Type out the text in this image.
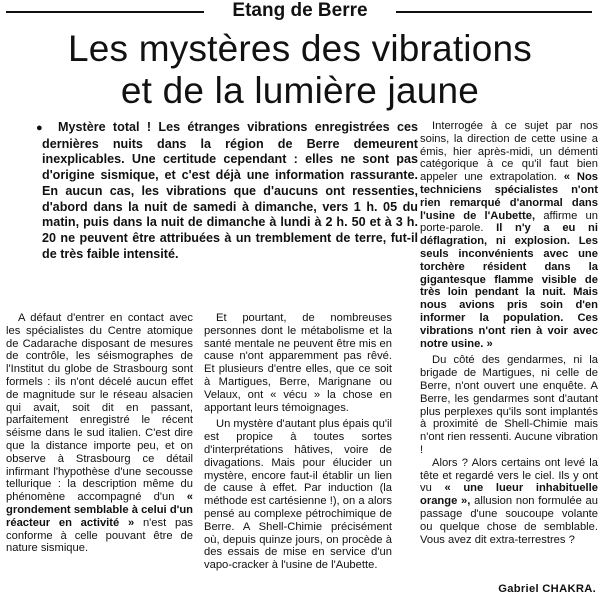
Etang de Berre
Les mystères des vibrations
et de la lumière jaune
● Mystère total ! Les étranges vibrations enregistrées ces dernières nuits dans la région de Berre demeurent inexplicables. Une certitude cependant : elles ne sont pas d'origine sismique, et c'est déjà une information rassurante. En aucun cas, les vibrations que d'aucuns ont ressenties, d'abord dans la nuit de samedi à dimanche, vers 1 h. 05 du matin, puis dans la nuit de dimanche à lundi à 2 h. 50 et à 3 h. 20 ne peuvent être attribuées à un tremblement de terre, fut-il de très faible intensité.

A défaut d'entrer en contact avec les spécialistes du Centre atomique de Cadarache disposant de mesures de contrôle, les séismographes de l'Institut du globe de Strasbourg sont formels : ils n'ont décelé aucun effet de magnitude sur le réseau alsacien qui avait, soit dit en passant, parfaitement enregistré le récent séisme dans le sud italien. C'est dire que la distance importe peu, et on observe à Strasbourg ce détail infirmant l'hypothèse d'une secousse tellurique : la description même du phénomène accompagné d'un « grondement semblable à celui d'un réacteur en activité » n'est pas conforme à celle pouvant être de nature sismique.

Et pourtant, de nombreuses personnes dont le métabolisme et la santé mentale ne peuvent être mis en cause n'ont apparemment pas rêvé. Et plusieurs d'entre elles, que ce soit à Martigues, Berre, Marignane ou Velaux, ont « vécu » la chose en apportant leurs témoignages.

Un mystère d'autant plus épais qu'il est propice à toutes sortes d'interprétations hâtives, voire de divagations. Mais pour élucider un mystère, encore faut-il établir un lien de cause à effet. Par induction (la méthode est cartésienne !), on a alors pensé au complexe pétrochimique de Berre. A Shell-Chimie précisément où, depuis quinze jours, on procède à des essais de mise en service d'un vapo-cracker à l'usine de l'Aubette.

Interrogée à ce sujet par nos soins, la direction de cette usine a émis, hier après-midi, un démenti catégorique à ce qu'il faut bien appeler une extrapolation. « Nos techniciens spécialistes n'ont rien remarqué d'anormal dans l'usine de l'Aubette, affirme un porte-parole. Il n'y a eu ni déflagration, ni explosion. Les seuls inconvénients avec une torchère résident dans la gigantesque flamme visible de très loin pendant la nuit. Mais nous avions pris soin d'en informer la population. Ces vibrations n'ont rien à voir avec notre usine. »

Du côté des gendarmes, ni la brigade de Martigues, ni celle de Berre, n'ont ouvert une enquête. A Berre, les gendarmes sont d'autant plus perplexes qu'ils sont implantés à proximité de Shell-Chimie mais n'ont rien ressenti. Aucune vibration !

Alors ? Alors certains ont levé la tête et regardé vers le ciel. Ils y ont vu « une lueur inhabituelle orange », allusion non formulée au passage d'une soucoupe volante ou quelque chose de semblable. Vous avez dit extra-terrestres ?

Gabriel CHAKRA.
